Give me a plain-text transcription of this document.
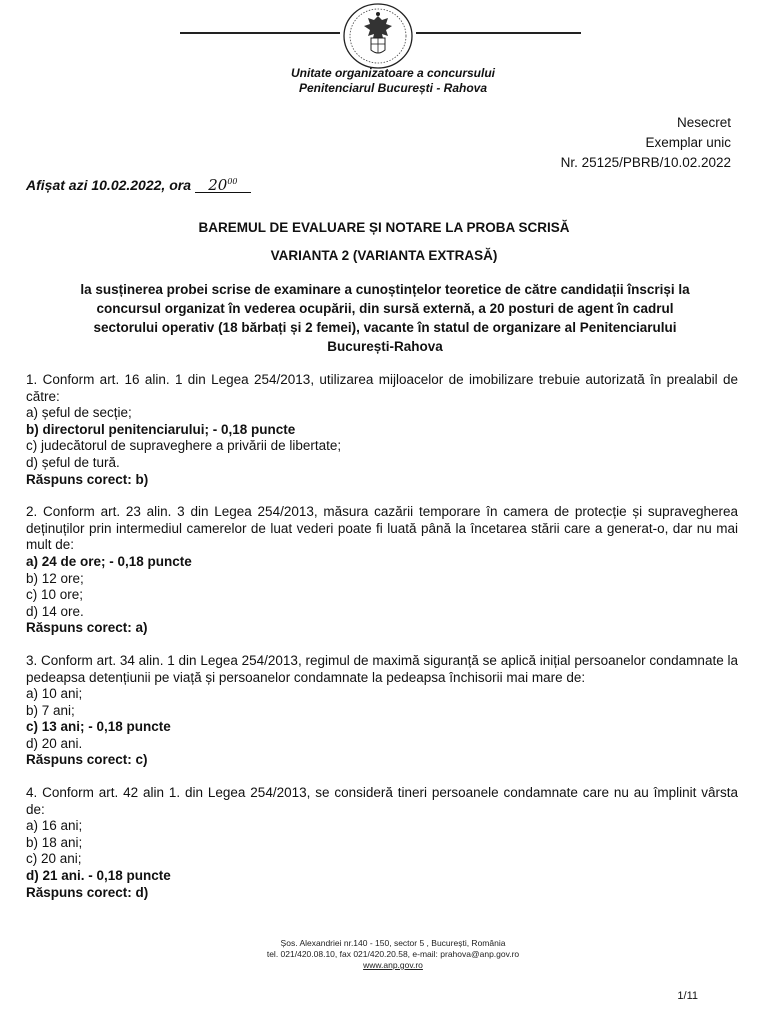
Unitate organizatoare a concursului
Penitenciarul București - Rahova
Nesecret
Exemplar unic
Nr. 25125/PBRB/10.02.2022
Afișat azi 10.02.2022, ora $20^{00}$
BAREMUL DE EVALUARE ȘI NOTARE LA PROBA SCRISĂ
VARIANTA 2 (VARIANTA EXTRASĂ)
la susținerea probei scrise de examinare a cunoștințelor teoretice de către candidații înscriși la concursul organizat în vederea ocupării, din sursă externă, a 20 posturi de agent în cadrul sectorului operativ (18 bărbați și 2 femei), vacante în statul de organizare al Penitenciarului București-Rahova

1. Conform art. 16 alin. 1 din Legea 254/2013, utilizarea mijloacelor de imobilizare trebuie autorizată în prealabil de către:

a) șeful de secție;

b) directorul penitenciarului; - 0,18 puncte

c) judecătorul de supraveghere a privării de libertate;

d) șeful de tură.

Răspuns corect: b)

2. Conform art. 23 alin. 3 din Legea 254/2013, măsura cazării temporare în camera de protecție și supravegherea deținuților prin intermediul camerelor de luat vederi poate fi luată până la încetarea stării care a generat-o, dar nu mai mult de:

a) 24 de ore; - 0,18 puncte

b) 12 ore;

c) 10 ore;

d) 14 ore.

Răspuns corect: a)

3. Conform art. 34 alin. 1 din Legea 254/2013, regimul de maximă siguranță se aplică inițial persoanelor condamnate la pedeapsa detențiunii pe viață și persoanelor condamnate la pedeapsa închisorii mai mare de:

a) 10 ani;

b) 7 ani;

c) 13 ani; - 0,18 puncte

d) 20 ani.

Răspuns corect: c)

4. Conform art. 42 alin 1. din Legea 254/2013, se consideră tineri persoanele condamnate care nu au împlinit vârsta de:

a) 16 ani;

b) 18 ani;

c) 20 ani;

d) 21 ani. - 0,18 puncte

Răspuns corect: d)

Șos. Alexandriei nr.140 - 150, sector 5 , București, România
tel. 021/420.08.10, fax 021/420.20.58, e-mail: prahova@anp.gov.ro
www.anp.gov.ro
1/11
